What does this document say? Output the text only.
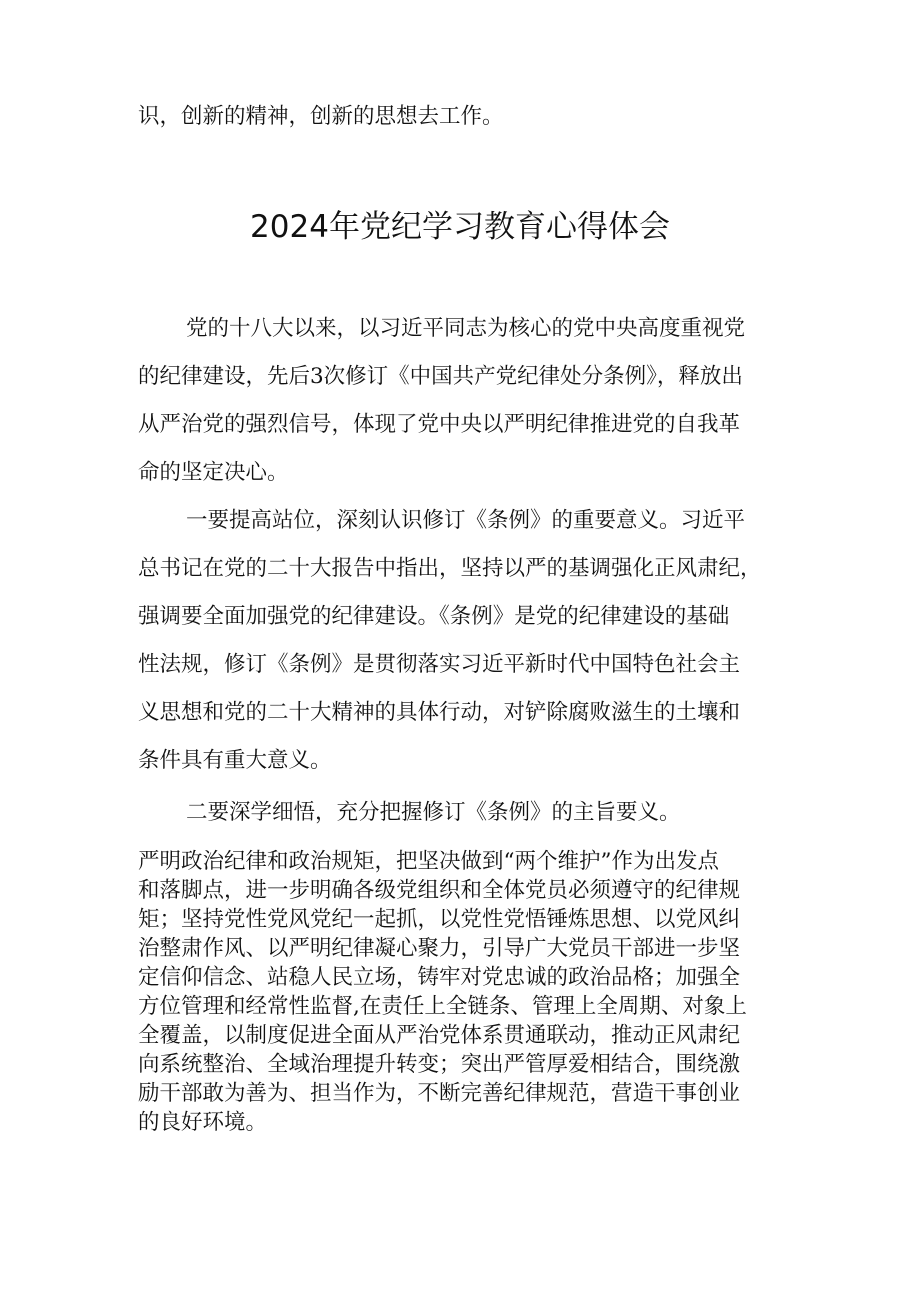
识，创新的精神，创新的思想去工作。
2024年党纪学习教育心得体会
党的十八大以来，以习近平同志为核心的党中央高度重视党
的纪律建设，先后3次修订《中国共产党纪律处分条例》，释放出
从严治党的强烈信号，体现了党中央以严明纪律推进党的自我革
命的坚定决心。
一要提高站位，深刻认识修订《条例》的重要意义。习近平
总书记在党的二十大报告中指出，坚持以严的基调强化正风肃纪，
强调要全面加强党的纪律建设。《条例》是党的纪律建设的基础
性法规，修订《条例》是贯彻落实习近平新时代中国特色社会主
义思想和党的二十大精神的具体行动，对铲除腐败滋生的土壤和
条件具有重大意义。
二要深学细悟，充分把握修订《条例》的主旨要义。
严明政治纪律和政治规矩，把坚决做到“两个维护”作为出发点
和落脚点，进一步明确各级党组织和全体党员必须遵守的纪律规
矩；坚持党性党风党纪一起抓，以党性党悟锤炼思想、以党风纠
治整肃作风、以严明纪律凝心聚力，引导广大党员干部进一步坚
定信仰信念、站稳人民立场，铸牢对党忠诚的政治品格；加强全
方位管理和经常性监督,在责任上全链条、管理上全周期、对象上
全覆盖，以制度促进全面从严治党体系贯通联动，推动正风肃纪
向系统整治、全域治理提升转变；突出严管厚爱相结合，围绕激
励干部敢为善为、担当作为，不断完善纪律规范，营造干事创业
的良好环境。
